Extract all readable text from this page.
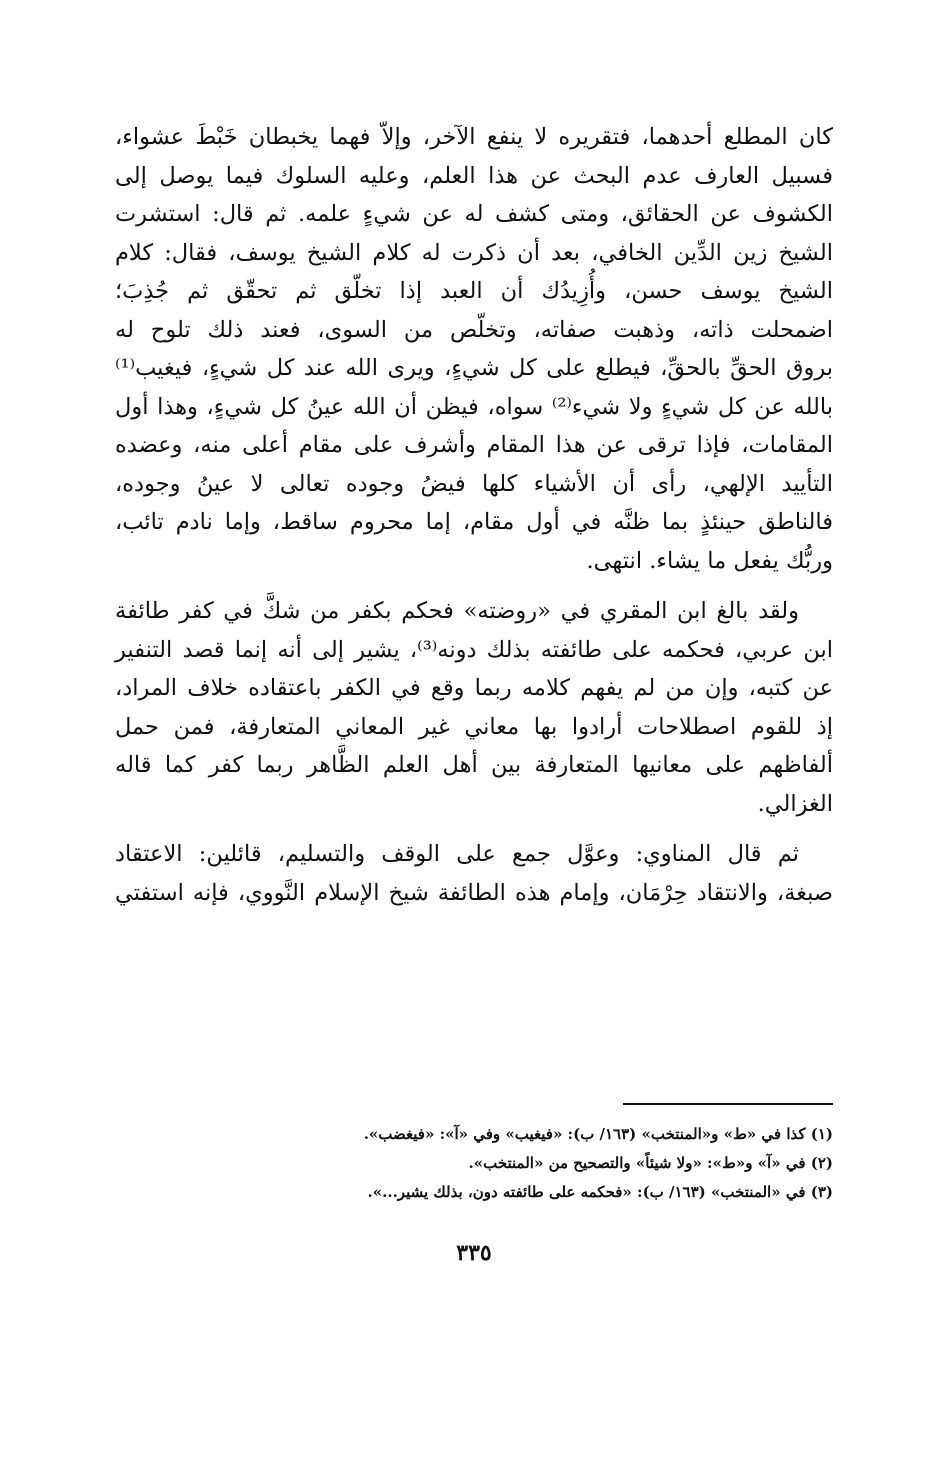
كان المطلع أحدهما، فتقريره لا ينفع الآخر، وإلاّ فهما يخبطان خَبْطَ عشواء،
فسبيل العارف عدم البحث عن هذا العلم، وعليه السلوك فيما يوصل إلى
الكشوف عن الحقائق، ومتى كشف له عن شيءٍ علمه. ثم قال: استشرت
الشيخ زين الدِّين الخافي، بعد أن ذكرت له كلام الشيخ يوسف، فقال: كلام
الشيخ يوسف حسن، وأُزِيدُك أن العبد إذا تخلّق ثم تحقّق ثم جُذِبَ؛
اضمحلت ذاته، وذهبت صفاته، وتخلّص من السوى، فعند ذلك تلوح له
بروق الحقِّ بالحقِّ، فيطلع على كل شيءٍ، ويرى الله عند كل شيءٍ، فيغيب⁽¹⁾
بالله عن كل شيءٍ ولا شيء⁽²⁾ سواه، فيظن أن الله عينُ كل شيءٍ، وهذا أول
المقامات، فإذا ترقى عن هذا المقام وأشرف على مقام أعلى منه، وعضده
التأييد الإلهي، رأى أن الأشياء كلها فيضُ وجوده تعالى لا عينُ وجوده،
فالناطق حينئذٍ بما ظنَّه في أول مقام، إما محروم ساقط، وإما نادم تائب،
وربُّك يفعل ما يشاء. انتهى.
ولقد بالغ ابن المقري في «روضته» فحكم بكفر من شكَّ في كفر طائفة
ابن عربي، فحكمه على طائفته بذلك دونه⁽³⁾، يشير إلى أنه إنما قصد التنفير
عن كتبه، وإن من لم يفهم كلامه ربما وقع في الكفر باعتقاده خلاف المراد،
إذ للقوم اصطلاحات أرادوا بها معاني غير المعاني المتعارفة، فمن حمل
ألفاظهم على معانيها المتعارفة بين أهل العلم الظَّاهر ربما كفر كما قاله
الغزالي.
ثم قال المناوي: وعوَّل جمع على الوقف والتسليم، قائلين: الاعتقاد
صبغة، والانتقاد حِرْمَان، وإمام هذه الطائفة شيخ الإسلام النَّووي، فإنه استفتي
(١) كذا في «ط» و«المنتخب» (١٦٣/ ب): «فيغيب» وفي «آ»: «فيغضب».
(٢) في «آ» و«ط»: «ولا شيئاً» والتصحيح من «المنتخب».
(٣) في «المنتخب» (١٦٣/ ب): «فحكمه على طائفته دون، بذلك يشير...».
٣٣٥
